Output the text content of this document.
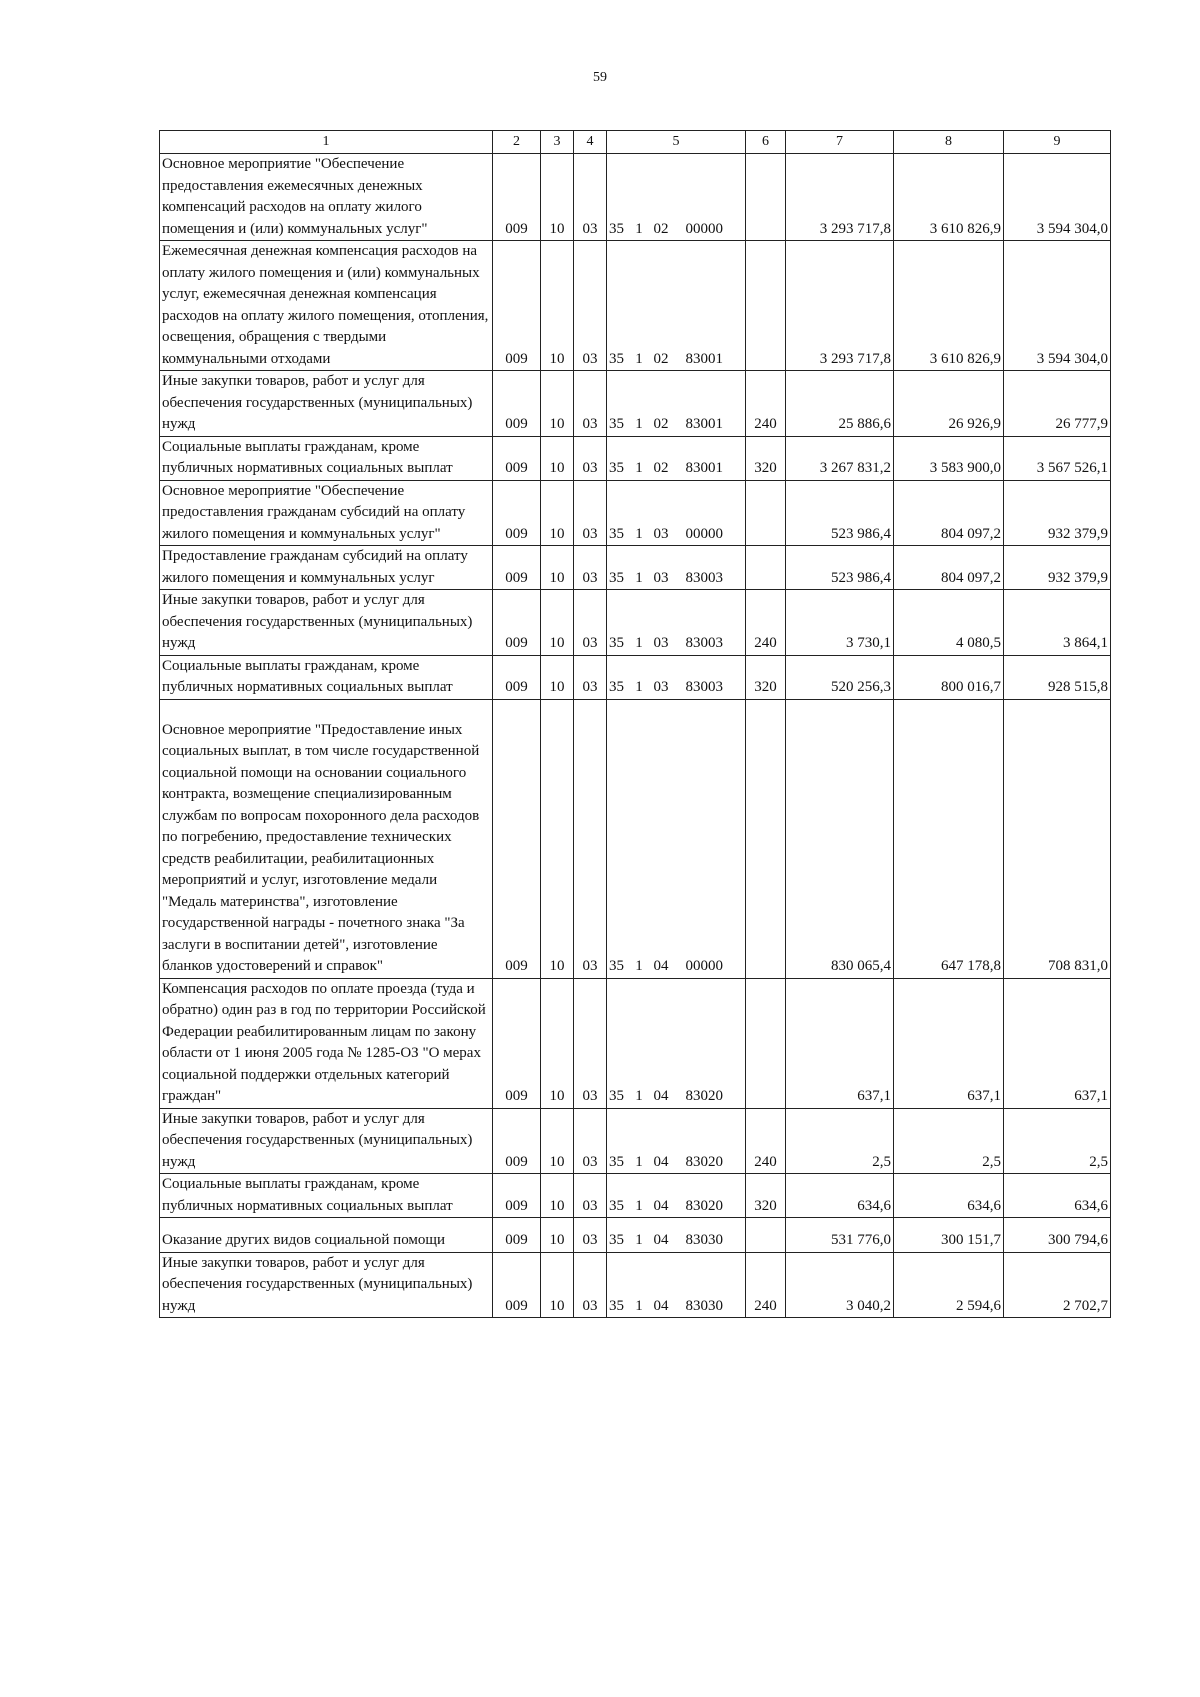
59
1	2	3	4	5	6	7	8	9
Основное мероприятие "Обеспечение предоставления ежемесячных денежных компенсаций расходов на оплату жилого помещения и (или) коммунальных услуг"	009	10	03	35 1 02 00000		3 293 717,8	3 610 826,9	3 594 304,0
Ежемесячная денежная компенсация расходов на оплату жилого помещения и (или) коммунальных услуг, ежемесячная денежная компенсация расходов на оплату жилого помещения, отопления, освещения, обращения с твердыми коммунальными отходами	009	10	03	35 1 02 83001		3 293 717,8	3 610 826,9	3 594 304,0
Иные закупки товаров, работ и услуг для обеспечения государственных (муниципальных) нужд	009	10	03	35 1 02 83001	240	25 886,6	26 926,9	26 777,9
Социальные выплаты гражданам, кроме публичных нормативных социальных выплат	009	10	03	35 1 02 83001	320	3 267 831,2	3 583 900,0	3 567 526,1
Основное мероприятие "Обеспечение предоставления гражданам субсидий на оплату жилого помещения и коммунальных услуг"	009	10	03	35 1 03 00000		523 986,4	804 097,2	932 379,9
Предоставление гражданам субсидий на оплату жилого помещения и коммунальных услуг	009	10	03	35 1 03 83003		523 986,4	804 097,2	932 379,9
Иные закупки товаров, работ и услуг для обеспечения государственных (муниципальных) нужд	009	10	03	35 1 03 83003	240	3 730,1	4 080,5	3 864,1
Социальные выплаты гражданам, кроме публичных нормативных социальных выплат	009	10	03	35 1 03 83003	320	520 256,3	800 016,7	928 515,8
Основное мероприятие "Предоставление иных социальных выплат, в том числе государственной социальной помощи на основании социального контракта, возмещение специализированным службам по вопросам похоронного дела расходов по погребению, предоставление технических средств реабилитации, реабилитационных мероприятий и услуг, изготовление медали "Медаль материнства", изготовление государственной награды - почетного знака "За заслуги в воспитании детей", изготовление бланков удостоверений и справок"	009	10	03	35 1 04 00000		830 065,4	647 178,8	708 831,0
Компенсация расходов по оплате проезда (туда и обратно) один раз в год по территории Российской Федерации реабилитированным лицам по закону области от 1 июня 2005 года № 1285-ОЗ "О мерах социальной поддержки отдельных категорий граждан"	009	10	03	35 1 04 83020		637,1	637,1	637,1
Иные закупки товаров, работ и услуг для обеспечения государственных (муниципальных) нужд	009	10	03	35 1 04 83020	240	2,5	2,5	2,5
Социальные выплаты гражданам, кроме публичных нормативных социальных выплат	009	10	03	35 1 04 83020	320	634,6	634,6	634,6
Оказание других видов социальной помощи	009	10	03	35 1 04 83030		531 776,0	300 151,7	300 794,6
Иные закупки товаров, работ и услуг для обеспечения государственных (муниципальных) нужд	009	10	03	35 1 04 83030	240	3 040,2	2 594,6	2 702,7
